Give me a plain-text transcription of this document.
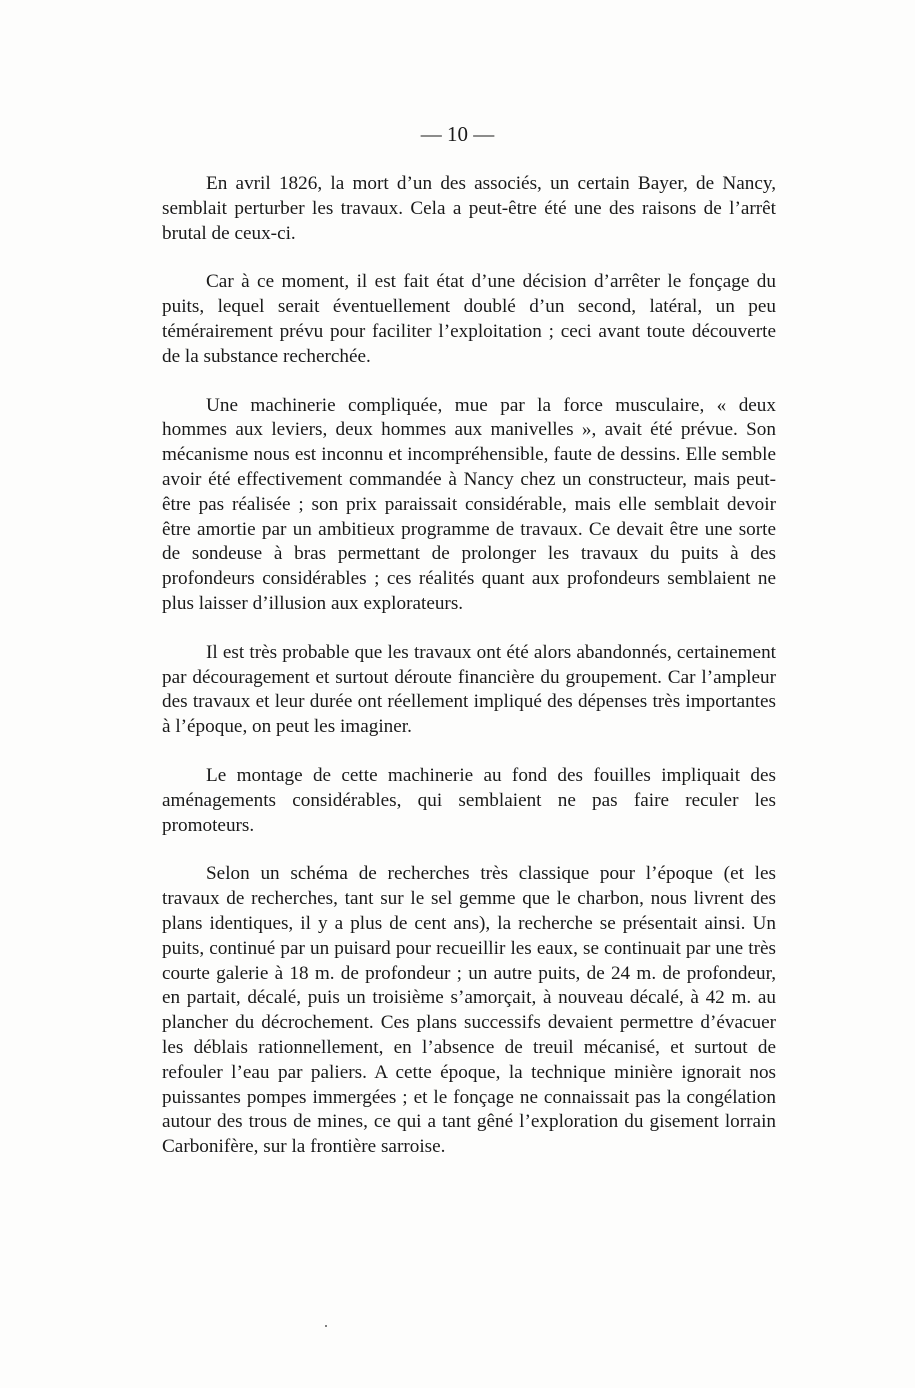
— 10 —

En avril 1826, la mort d’un des associés, un certain Bayer, de Nancy, semblait perturber les travaux. Cela a peut-être été une des raisons de l’arrêt brutal de ceux-ci.

Car à ce moment, il est fait état d’une décision d’arrêter le fonçage du puits, lequel serait éventuellement doublé d’un second, latéral, un peu témérairement prévu pour faciliter l’exploitation ; ceci avant toute découverte de la substance recherchée.

Une machinerie compliquée, mue par la force musculaire, « deux hommes aux leviers, deux hommes aux manivelles », avait été prévue. Son mécanisme nous est inconnu et incompréhensible, faute de dessins. Elle semble avoir été effectivement commandée à Nancy chez un constructeur, mais peut-être pas réalisée ; son prix paraissait considérable, mais elle semblait devoir être amortie par un ambitieux programme de travaux. Ce devait être une sorte de sondeuse à bras permettant de prolonger les travaux du puits à des profondeurs considérables ; ces réalités quant aux profondeurs semblaient ne plus laisser d’illusion aux explorateurs.

Il est très probable que les travaux ont été alors abandonnés, certainement par découragement et surtout déroute financière du groupement. Car l’ampleur des travaux et leur durée ont réellement impliqué des dépenses très importantes à l’époque, on peut les imaginer.

Le montage de cette machinerie au fond des fouilles impliquait des aménagements considérables, qui semblaient ne pas faire reculer les promoteurs.

Selon un schéma de recherches très classique pour l’époque (et les travaux de recherches, tant sur le sel gemme que le charbon, nous livrent des plans identiques, il y a plus de cent ans), la recherche se présentait ainsi. Un puits, continué par un puisard pour recueillir les eaux, se continuait par une très courte galerie à 18 m. de profondeur ; un autre puits, de 24 m. de profondeur, en partait, décalé, puis un troisième s’amorçait, à nouveau décalé, à 42 m. au plancher du décrochement. Ces plans successifs devaient permettre d’évacuer les déblais rationnellement, en l’absence de treuil mécanisé, et surtout de refouler l’eau par paliers. A cette époque, la technique minière ignorait nos puissantes pompes immergées ; et le fonçage ne connaissait pas la congélation autour des trous de mines, ce qui a tant gêné l’exploration du gisement lorrain Carbonifère, sur la frontière sarroise.
